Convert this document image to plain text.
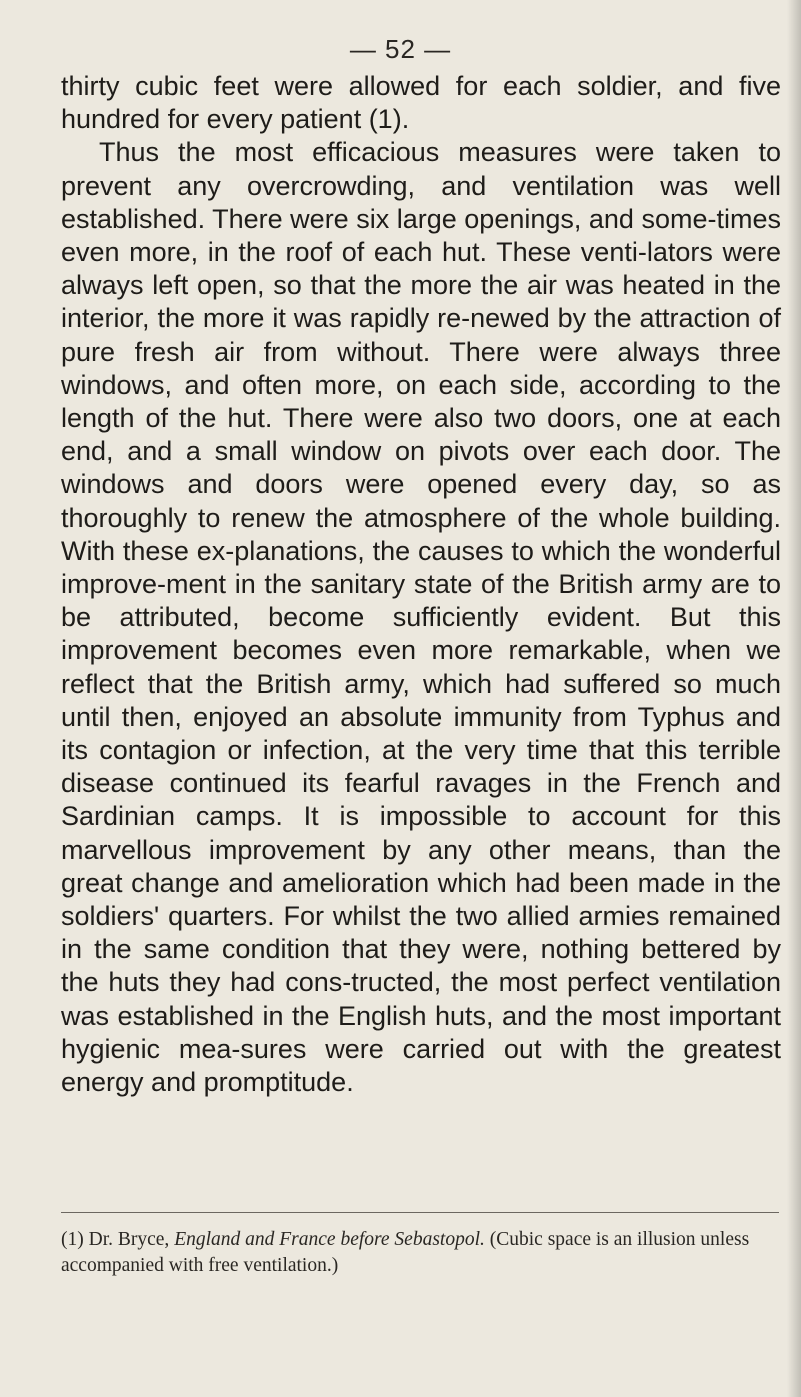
— 52 —

thirty cubic feet were allowed for each soldier, and five hundred for every patient (1).

Thus the most efficacious measures were taken to prevent any overcrowding, and ventilation was well established. There were six large openings, and some-times even more, in the roof of each hut. These venti-lators were always left open, so that the more the air was heated in the interior, the more it was rapidly re-newed by the attraction of pure fresh air from without. There were always three windows, and often more, on each side, according to the length of the hut. There were also two doors, one at each end, and a small window on pivots over each door. The windows and doors were opened every day, so as thoroughly to renew the atmosphere of the whole building. With these ex-planations, the causes to which the wonderful improve-ment in the sanitary state of the British army are to be attributed, become sufficiently evident. But this improvement becomes even more remarkable, when we reflect that the British army, which had suffered so much until then, enjoyed an absolute immunity from Typhus and its contagion or infection, at the very time that this terrible disease continued its fearful ravages in the French and Sardinian camps. It is impossible to account for this marvellous improvement by any other means, than the great change and amelioration which had been made in the soldiers' quarters. For whilst the two allied armies remained in the same condition that they were, nothing bettered by the huts they had cons-tructed, the most perfect ventilation was established in the English huts, and the most important hygienic mea-sures were carried out with the greatest energy and promptitude.

(1) Dr. Bryce, England and France before Sebastopol. (Cubic space is an illusion unless accompanied with free ventilation.)
